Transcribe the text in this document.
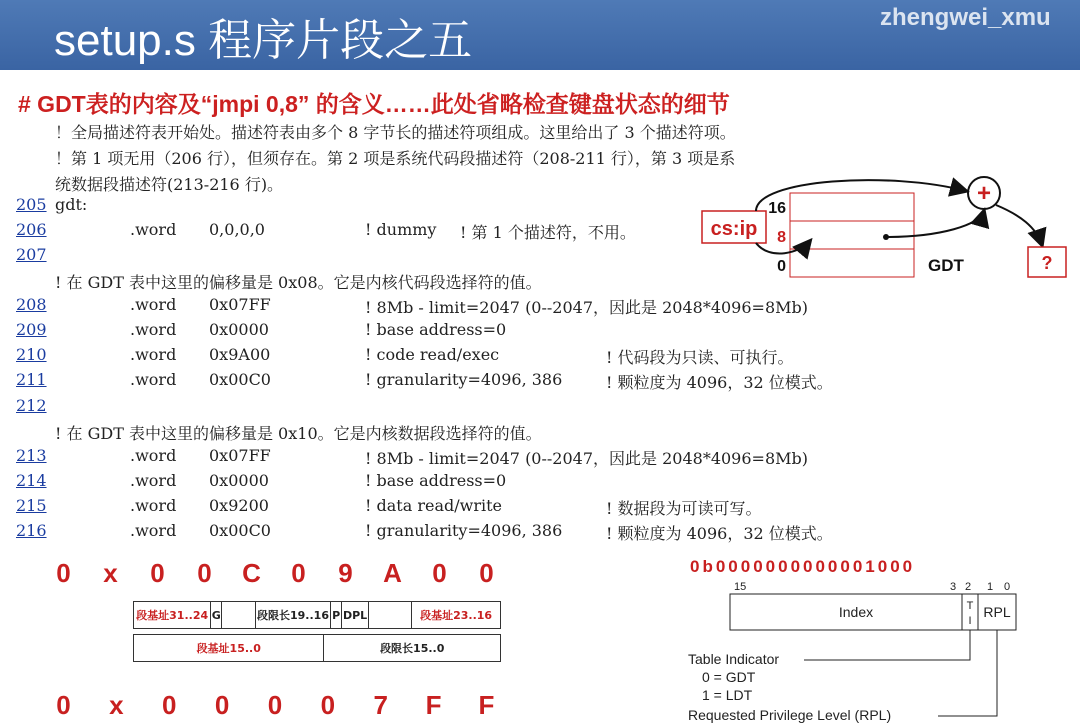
setup.s 程序片段之五	zhengwei_xmu
# GDT表的内容及“jmpi 0,8” 的含义……此处省略检查键盘状态的细节
！全局描述符表开始处。描述符表由多个 8 字节长的描述符项组成。这里给出了 3 个描述符项。
！第 1 项无用（206 行），但须存在。第 2 项是系统代码段描述符（208-211 行），第 3 项是系
统数据段描述符(213-216 行)。
205 gdt:
206	.word 0,0,0,0	! dummy ! 第 1 个描述符，不用。
207
! 在 GDT 表中这里的偏移量是 0x08。它是内核代码段选择符的值。
208	.word 0x07FF	! 8Mb - limit=2047 (0--2047，因此是 2048*4096=8Mb)
209	.word 0x0000	! base address=0
210	.word 0x9A00	! code read/exec	! 代码段为只读、可执行。
211	.word 0x00C0	! granularity=4096, 386	! 颗粒度为 4096，32 位模式。
212
! 在 GDT 表中这里的偏移量是 0x10。它是内核数据段选择符的值。
213	.word 0x07FF	! 8Mb - limit=2047 (0--2047，因此是 2048*4096=8Mb)
214	.word 0x0000	! base address=0
215	.word 0x9200	! data read/write	! 数据段为可读可写。
216	.word 0x00C0	! granularity=4096, 386	! 颗粒度为 4096，32 位模式。
cs:ip
16
8
0	GDT
+
?
0	x	0	0	C	0	9	A	0	0
段基址31..24	G		段限长19..16	P	DPL		段基址23..16
段基址15..0	段限长15..0
0	x	0	0	0	0	7	F	F
0b0000000000001000
15	3 2 1 0
Index	T
I
RPL
Table Indicator
0 = GDT
1 = LDT
Requested Privilege Level (RPL)
